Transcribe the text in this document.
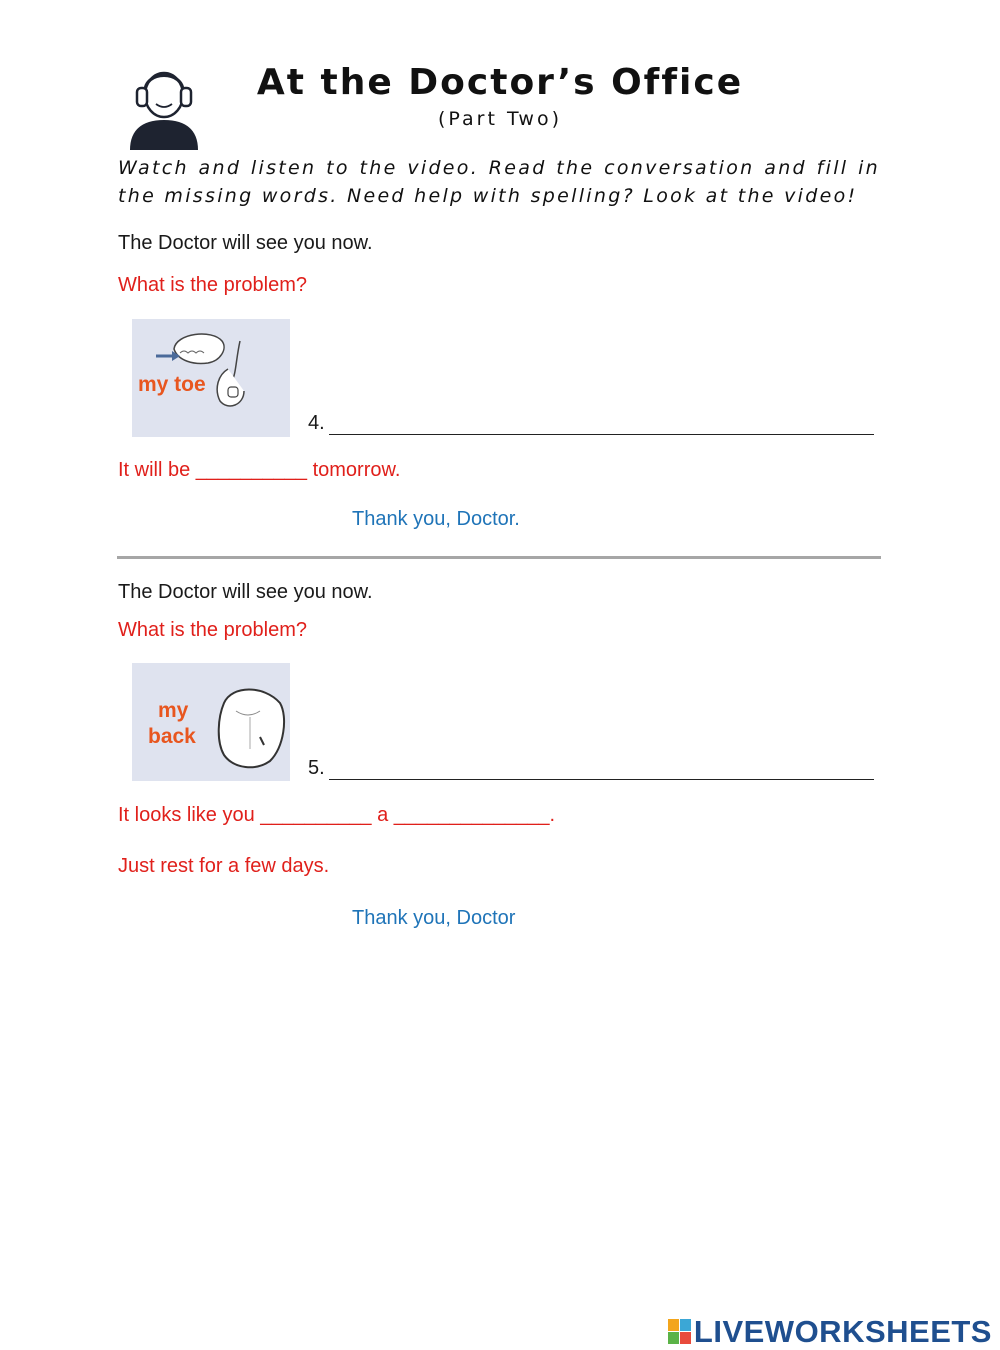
At the Doctor’s Office
(Part Two)
Watch and listen to the video. Read the conversation and fill in the missing words. Need help with spelling? Look at the video!
The Doctor will see you now.
What is the problem?
my toe
4.
It will be __________ tomorrow.
Thank you, Doctor.
The Doctor will see you now.
What is the problem?
my
back
5.
It looks like you __________ a ______________.
Just rest for a few days.
Thank you, Doctor
LIVEWORKSHEETS
